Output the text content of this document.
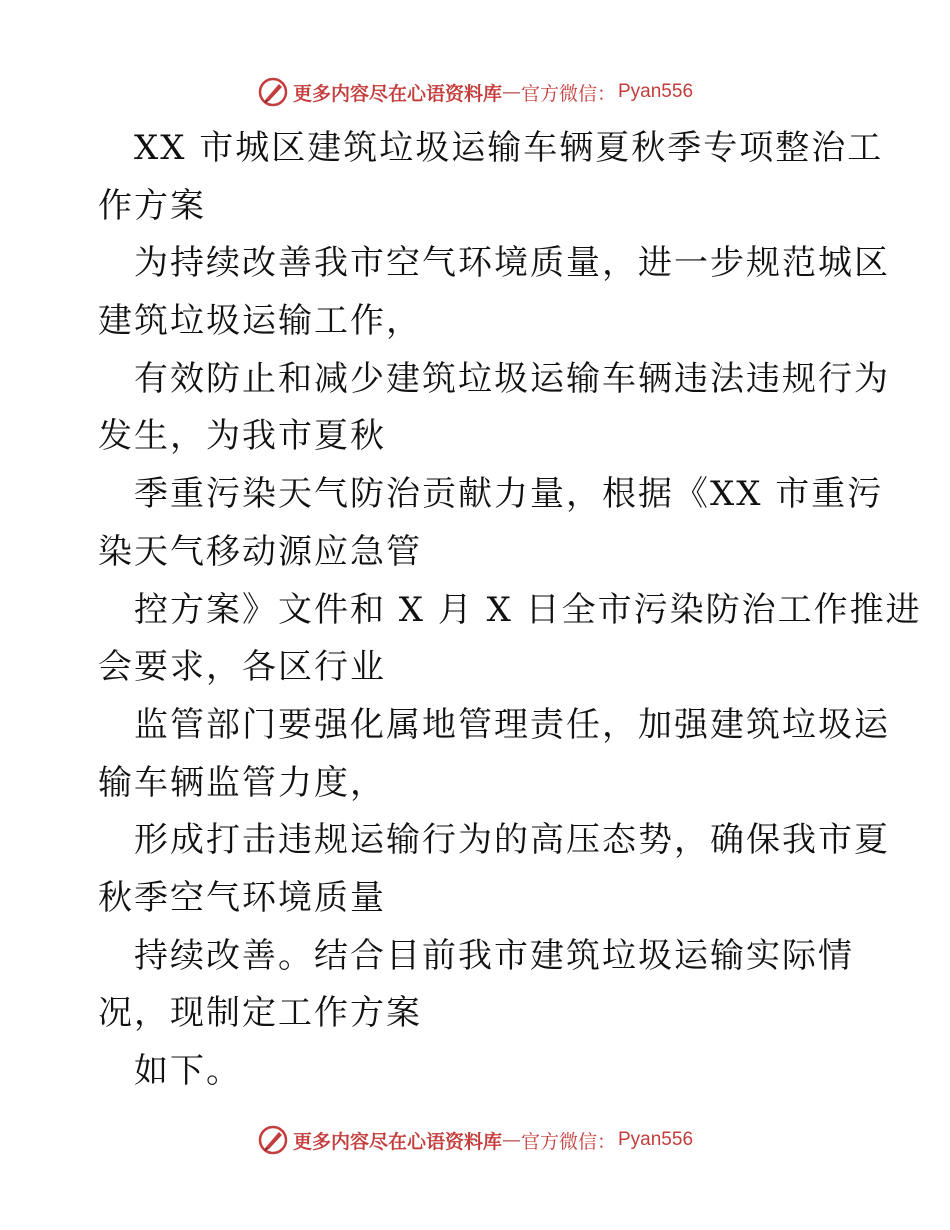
更多内容尽在心语资料库 — 官方微信： Pyan556
XX 市城区建筑垃圾运输车辆夏秋季专项整治工
作方案
为持续改善我市空气环境质量，进一步规范城区
建筑垃圾运输工作，
有效防止和减少建筑垃圾运输车辆违法违规行为
发生，为我市夏秋
季重污染天气防治贡献力量，根据《XX 市重污
染天气移动源应急管
控方案》文件和 X 月 X 日全市污染防治工作推进
会要求，各区行业
监管部门要强化属地管理责任，加强建筑垃圾运
输车辆监管力度，
形成打击违规运输行为的高压态势，确保我市夏
秋季空气环境质量
持续改善。结合目前我市建筑垃圾运输实际情
况，现制定工作方案
如下。
更多内容尽在心语资料库 — 官方微信： Pyan556
